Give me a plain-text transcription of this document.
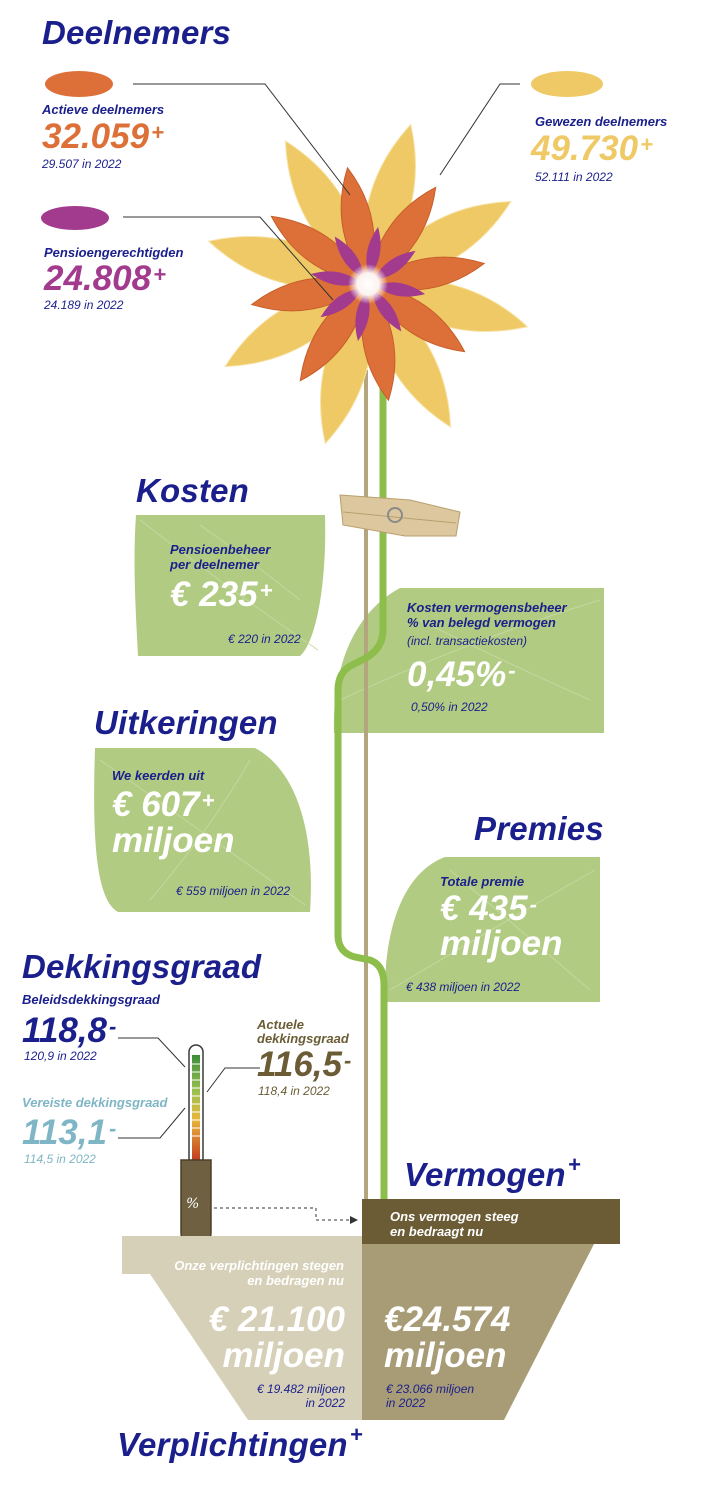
Deelnemers
Actieve deelnemers
32.059+
29.507 in 2022
Gewezen deelnemers
49.730+
52.111 in 2022
Pensioengerechtigden
24.808+
24.189 in 2022
Kosten
Pensioenbeheer
per deelnemer
€ 235+
€ 220 in 2022
Kosten vermogensbeheer
% van belegd vermogen
(incl. transactiekosten)
0,45%-
0,50% in 2022
Uitkeringen
We keerden uit
€ 607+
miljoen
€ 559 miljoen in 2022
Premies
Totale premie
€ 435-
miljoen
€ 438 miljoen in 2022
Dekkingsgraad
Beleidsdekkingsgraad
118,8-
120,9 in 2022
Actuele
dekkingsgraad
116,5-
118,4 in 2022
Vereiste dekkingsgraad
113,1-
114,5 in 2022
%
Vermogen+
Ons vermogen steeg
en bedraagt nu
€24.574
miljoen
€ 23.066 miljoen
in 2022
Onze verplichtingen stegen
en bedragen nu
€ 21.100
miljoen
€ 19.482 miljoen
in 2022
Verplichtingen+
